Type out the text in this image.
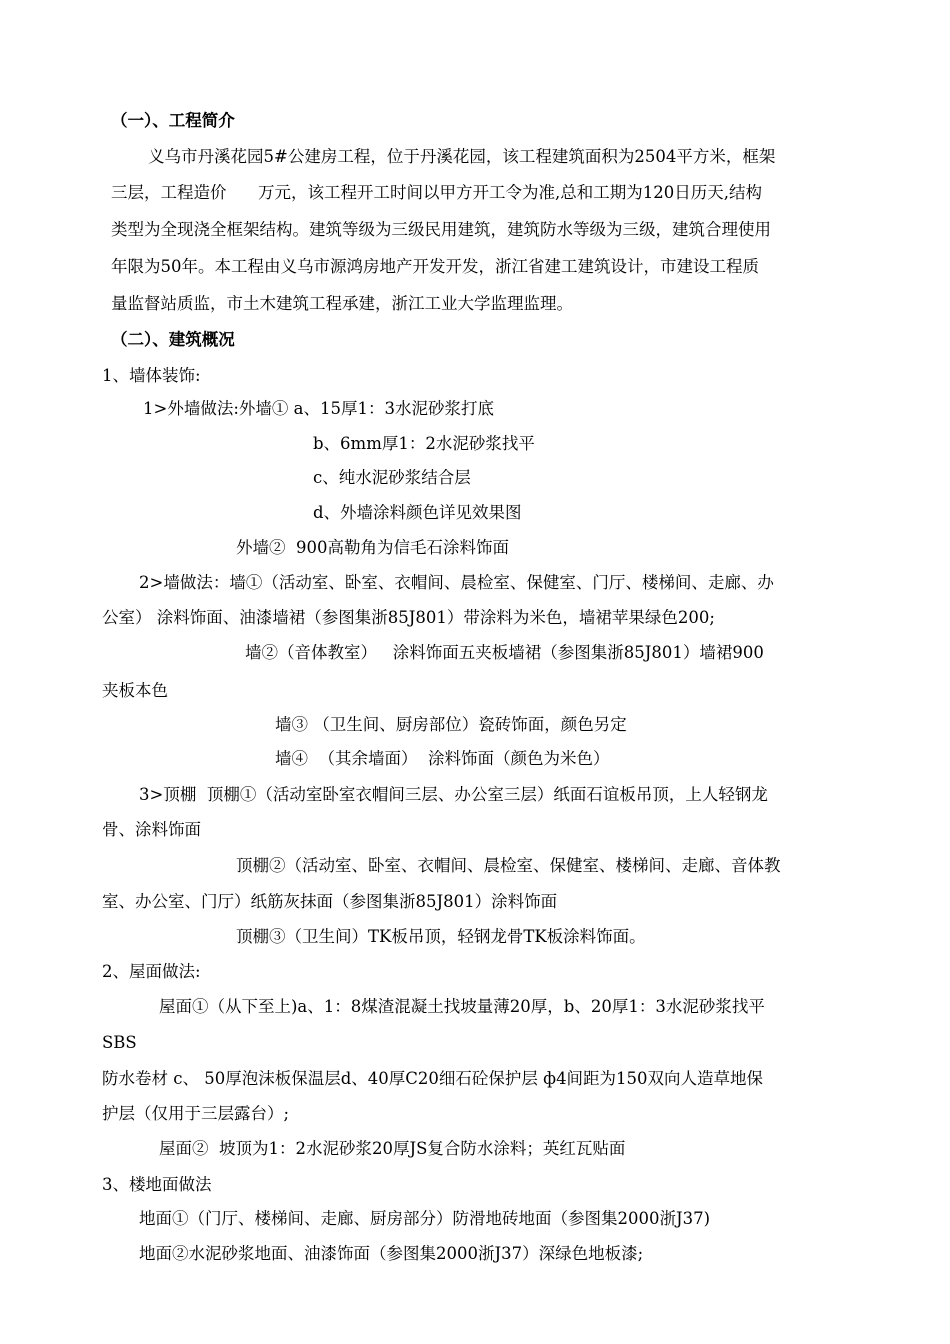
（一）、工程简介
义乌市丹溪花园5#公建房工程，位于丹溪花园，该工程建筑面积为2504平方米，框架
三层，工程造价      万元，该工程开工时间以甲方开工令为准,总和工期为120日历天,结构
类型为全现浇全框架结构。建筑等级为三级民用建筑，建筑防水等级为三级，建筑合理使用
年限为50年。本工程由义乌市源鸿房地产开发开发，浙江省建工建筑设计，市建设工程质
量监督站质监，市土木建筑工程承建，浙江工业大学监理监理。
（二）、建筑概况
1、墙体装饰:
1>外墙做法:外墙① a、15厚1：3水泥砂浆打底
b、6mm厚1：2水泥砂浆找平
c、纯水泥砂浆结合层
d、外墙涂料颜色详见效果图
外墙②  900高勒角为信毛石涂料饰面
2>墙做法：墙①（活动室、卧室、衣帽间、晨检室、保健室、门厅、楼梯间、走廊、办
公室） 涂料饰面、油漆墙裙（参图集浙85J801）带涂料为米色，墙裙苹果绿色200;
墙②（音体教室）   涂料饰面五夹板墙裙（参图集浙85J801）墙裙900
夹板本色
墙③ （卫生间、厨房部位）瓷砖饰面，颜色另定
墙④  （其余墙面）  涂料饰面（颜色为米色）
3>顶棚  顶棚①（活动室卧室衣帽间三层、办公室三层）纸面石谊板吊顶，上人轻钢龙
骨、涂料饰面
顶棚②（活动室、卧室、衣帽间、晨检室、保健室、楼梯间、走廊、音体教
室、办公室、门厅）纸筋灰抹面（参图集浙85J801）涂料饰面
顶棚③（卫生间）TK板吊顶，轻钢龙骨TK板涂料饰面。
2、屋面做法:
屋面①（从下至上)a、1：8煤渣混凝土找坡量薄20厚，b、20厚1：3水泥砂浆找平
SBS
防水卷材 c、 50厚泡沫板保温层d、40厚C20细石砼保护层 ф4间距为150双向人造草地保
护层（仅用于三层露台）;
屋面②  坡顶为1：2水泥砂浆20厚JS复合防水涂料；英红瓦贴面
3、楼地面做法
地面①（门厅、楼梯间、走廊、厨房部分）防滑地砖地面（参图集2000浙J37)
地面②水泥砂浆地面、油漆饰面（参图集2000浙J37）深绿色地板漆;
